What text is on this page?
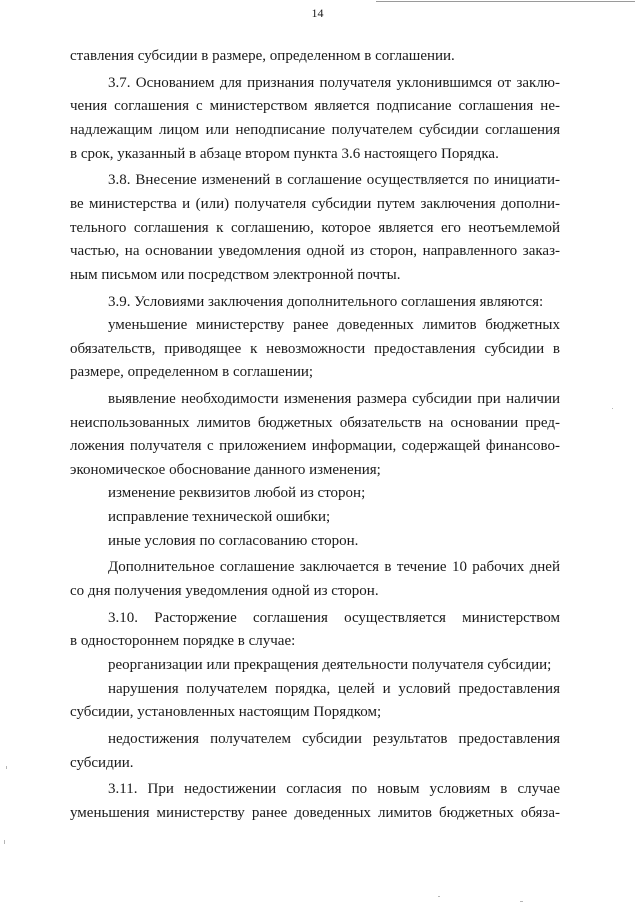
14
ставления субсидии в размере, определенном в соглашении.
3.7. Основанием для признания получателя уклонившимся от заклю-
чения соглашения с министерством является подписание соглашения не-
надлежащим лицом или неподписание получателем субсидии соглашения
в срок, указанный в абзаце втором пункта 3.6 настоящего Порядка.
3.8. Внесение изменений в соглашение осуществляется по инициати-
ве министерства и (или) получателя субсидии путем заключения дополни-
тельного соглашения к соглашению, которое является его неотъемлемой
частью, на основании уведомления одной из сторон, направленного заказ-
ным письмом или посредством электронной почты.
3.9. Условиями заключения дополнительного соглашения являются:
уменьшение министерству ранее доведенных лимитов бюджетных
обязательств, приводящее к невозможности предоставления субсидии в
размере, определенном в соглашении;
выявление необходимости изменения размера субсидии при наличии
неиспользованных лимитов бюджетных обязательств на основании пред-
ложения получателя с приложением информации, содержащей финансово-
экономическое обоснование данного изменения;
изменение реквизитов любой из сторон;
исправление технической ошибки;
иные условия по согласованию сторон.
Дополнительное соглашение заключается в течение 10 рабочих дней
со дня получения уведомления одной из сторон.
3.10. Расторжение соглашения осуществляется министерством
в одностороннем порядке в случае:
реорганизации или прекращения деятельности получателя субсидии;
нарушения получателем порядка, целей и условий предоставления
субсидии, установленных настоящим Порядком;
недостижения получателем субсидии результатов предоставления
субсидии.
3.11. При недостижении согласия по новым условиям в случае
уменьшения министерству ранее доведенных лимитов бюджетных обяза-
